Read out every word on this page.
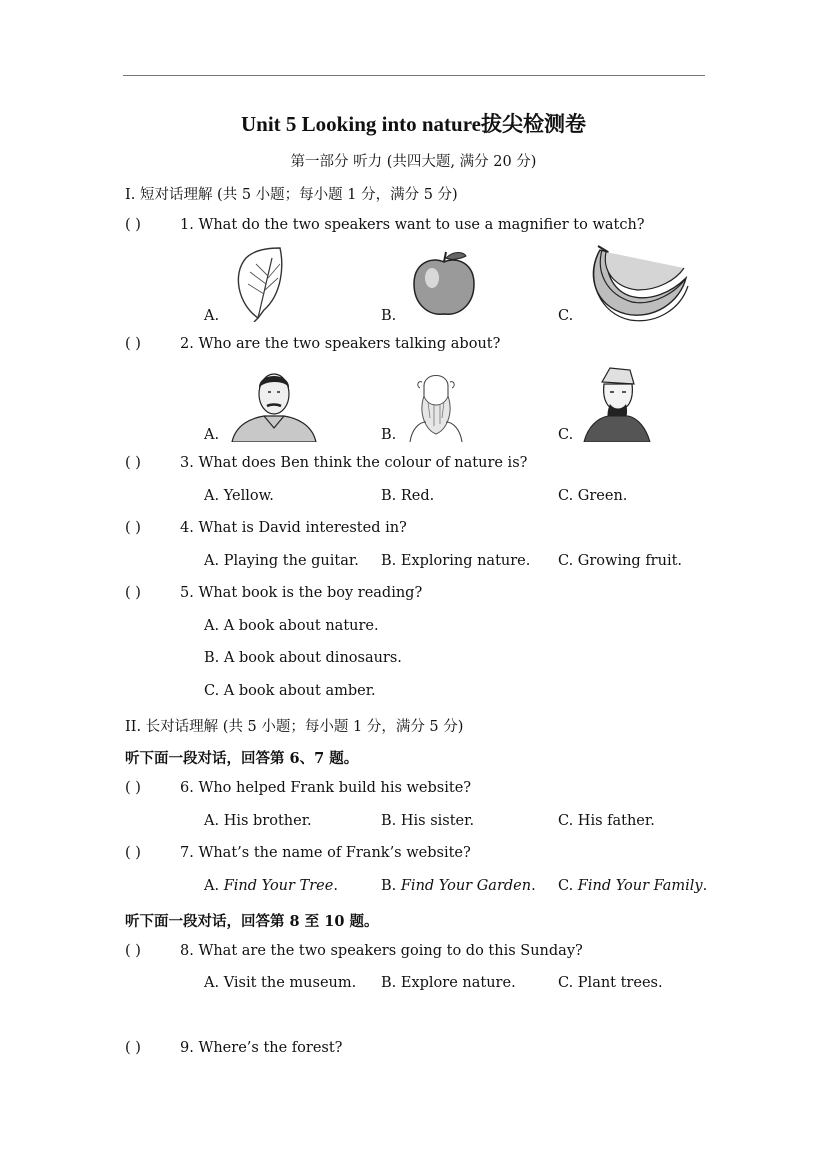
Unit 5 Looking into nature拔尖检测卷
第一部分 听力 (共四大题, 满分 20 分)
I. 短对话理解 (共 5 小题；每小题 1 分，满分 5 分)
( )	1. What do the two speakers want to use a magnifier to watch?
A.	B.	C.
( )	2. Who are the two speakers talking about?
A.	B.	C.
( )	3. What does Ben think the colour of nature is?
A. Yellow.	B. Red.	C. Green.
( )	4. What is David interested in?
A. Playing the guitar. B. Exploring nature. C. Growing fruit.
( )	5. What book is the boy reading?
A. A book about nature.
B. A book about dinosaurs.
C. A book about amber.
II. 长对话理解 (共 5 小题；每小题 1 分，满分 5 分)
听下面一段对话，回答第 6、7 题。
( )	6. Who helped Frank build his website?
A. His brother.	B. His sister.	C. His father.
( )	7. What’s the name of Frank’s website?
A. Find Your Tree.	B. Find Your Garden. C. Find Your Family.
听下面一段对话，回答第 8 至 10 题。
( )	8. What are the two speakers going to do this Sunday?
A. Visit the museum. B. Explore nature.	C. Plant trees.
( )	9. Where’s the forest?
